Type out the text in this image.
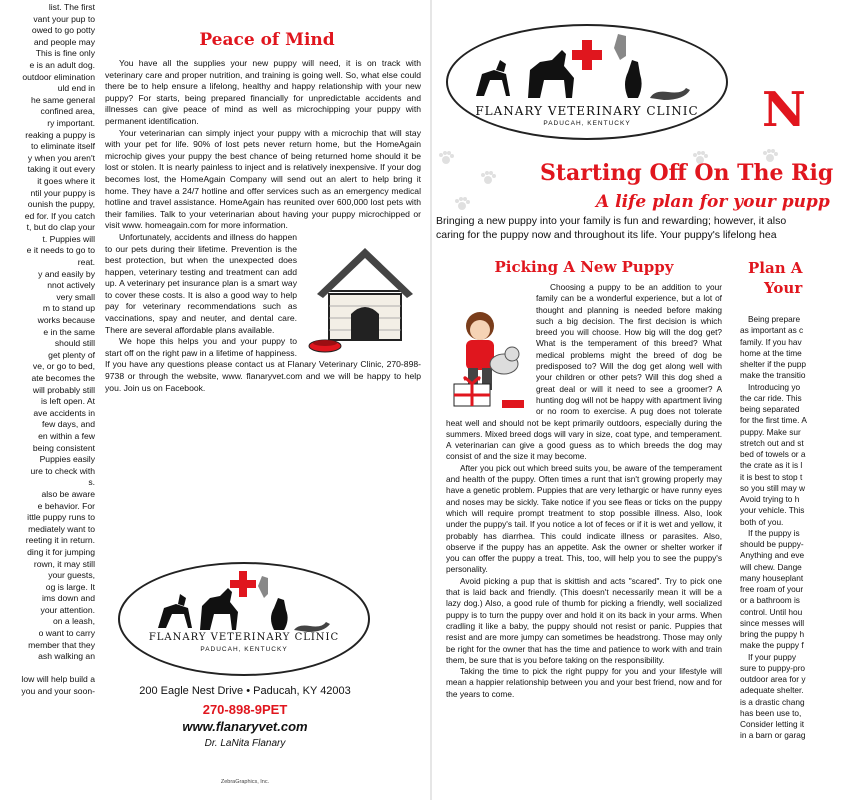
list. The first
vant your pup to
owed to go potty
and people may
This is fine only
e is an adult dog.
outdoor elimination
uld end in
he same general
confined area,
ry important.
reaking a puppy is
to eliminate itself
y when you aren't
taking it out every
it goes where it
ntil your puppy is
ounish the puppy,
ed for. If you catch
t, but do clap your
t. Puppies will
e it needs to go to
reat.
y and easily by
nnot actively
very small
m to stand up
works because
e in the same
should still
get plenty of
ve, or go to bed,
ate becomes the
will probably still
is left open. At
ave accidents in
few days, and
en within a few
being consistent
Puppies easily
ure to check with
s.
also be aware
e behavior. For
ittle puppy runs to
mediately want to
reeting it in return.
ding it for jumping
rown, it may still
your guests,
og is large. It
ims down and
your attention.
on a leash,
o want to carry
member that they
ash walking an
low will help build a
you and your soon-
Peace of Mind

You have all the supplies your new puppy will need, it is on track with veterinary care and proper nutrition, and training is going well. So, what else could there be to help ensure a lifelong, healthy and happy relationship with your new puppy? For starts, being prepared financially for unpredictable accidents and illnesses can give peace of mind as well as microchipping your puppy with permanent identification.

Your veterinarian can simply inject your puppy with a microchip that will stay with your pet for life. 90% of lost pets never return home, but the HomeAgain microchip gives your puppy the best chance of being returned home should it be lost or stolen. It is nearly painless to inject and is relatively inexpensive. If your dog becomes lost, the HomeAgain Company will send out an alert to help bring it home. They have a 24/7 hotline and offer services such as an emergency medical hotline and travel assistance. HomeAgain has reunited over 600,000 lost pets with their families. Talk to your veterinarian about having your puppy microchipped or visit www. homeagain.com for more information.

Unfortunately, accidents and illness do happen to our pets during their lifetime. Prevention is the best protection, but when the unexpected does happen, veterinary testing and treatment can add up. A veterinary pet insurance plan is a smart way to cover these costs. It is also a good way to help pay for veterinary recommendations such as vaccinations, spay and neuter, and dental care. There are several affordable plans available.

We hope this helps you and your puppy to start off on the right paw in a lifetime of happiness. If you have any questions please contact us at Flanary Veterinary Clinic, 270-898-9738 or through the website, www. flanaryvet.com and we will be happy to help you. Join us on Facebook.

FLANARY VETERINARY CLINIC
PADUCAH, KENTUCKY
200 Eagle Nest Drive • Paducah, KY 42003
270-898-9PET
www.flanaryvet.com
Dr. LaNita Flanary
ZebraGraphics, Inc.
FLANARY VETERINARY CLINIC
PADUCAH, KENTUCKY	N
Starting Off On The Rig
A life plan for your pupp
Bringing a new puppy into your family is fun and rewarding; however, it also
caring for the puppy now and throughout its life. Your puppy's lifelong hea
Picking A New Puppy

Choosing a puppy to be an addition to your family can be a wonderful experience, but a lot of thought and planning is needed before making such a big decision. The first decision is which breed you will choose. How big will the dog get? What is the temperament of this breed? What medical problems might the breed of dog be predisposed to? Will the dog get along well with your children or other pets? Will this dog shed a great deal or will it need to see a groomer? A hunting dog will not be happy with apartment living or no room to exercise. A pug does not tolerate heat well and should not be kept primarily outdoors, especially during the summers. Mixed breed dogs will vary in size, coat type, and temperament. A veterinarian can give a good guess as to which breeds the dog may consist of and the size it may become.

After you pick out which breed suits you, be aware of the temperament and health of the puppy. Often times a runt that isn't growing properly may have a genetic problem. Puppies that are very lethargic or have runny eyes and noses may be sickly. Take notice if you see fleas or ticks on the puppy which will require prompt treatment to stop possible illness. Also, look under the puppy's tail. If you notice a lot of feces or if it is wet and yellow, it probably has diarrhea. This could indicate illness or parasites. Also, observe if the puppy has an appetite. Ask the owner or shelter worker if you can offer the puppy a treat. This, too, will help you to see the puppy's personality.

Avoid picking a pup that is skittish and acts "scared". Try to pick one that is laid back and friendly. (This doesn't necessarily mean it will be a lazy dog.) Also, a good rule of thumb for picking a friendly, well socialized puppy is to turn the puppy over and hold it on its back in your arms. When cradling it like a baby, the puppy should not resist or panic. Puppies that resist and are more jumpy can sometimes be headstrong. Those may only be right for the owner that has the time and patience to work with and train them, be sure that is you before taking on the responsibility.

Taking the time to pick the right puppy for you and your lifestyle will mean a happier relationship between you and your best friend, now and for the years to come.

Plan A
Your
Being prepare
as important as c
family. If you hav
home at the time
shelter if the pupp
make the transitio
Introducing yo
the car ride. This
being separated
for the first time. A
puppy. Make sur
stretch out and st
bed of towels or a
the crate as it is l
it is best to stop t
so you still may w
Avoid trying to h
your vehicle. This
both of you.
If the puppy is
should be puppy-
Anything and eve
will chew. Dange
many houseplant
free roam of your
or a bathroom is
control. Until hou
since messes will
bring the puppy h
make the puppy f
If your puppy
sure to puppy-pro
outdoor area for y
adequate shelter.
is a drastic chang
has been use to,
Consider letting it
in a barn or garag
